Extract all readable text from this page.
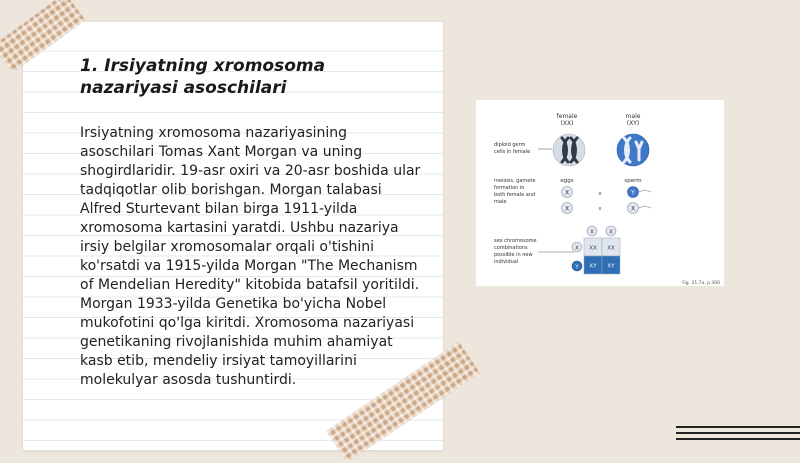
1. Irsiyatning xromosoma nazariyasi asoschilari

Irsiyatning xromosoma nazariyasining asoschilari Tomas Xant Morgan va uning shogirdlaridir. 19-asr oxiri va 20-asr boshida ular tadqiqotlar olib borishgan. Morgan talabasi Alfred Sturtevant bilan birga 1911-yilda xromosoma kartasini yaratdi. Ushbu nazariya irsiy belgilar xromosomalar orqali o'tishini ko'rsatdi va 1915-yilda Morgan "The Mechanism of Mendelian Heredity" kitobida batafsil yoritildi. Morgan 1933-yilda Genetika bo'yicha Nobel mukofotini qo'lga kiritdi. Xromosoma nazariyasi genetikaning rivojlanishida muhim ahamiyat kasb etib, mendeliy irsiyat tamoyillarini molekulyar asosda tushuntirdi.

female
(XX)
male
(XY)
diploid germ
cells in female
meiosis, gamete
formation in
both female and
male
eggs	sperm
X	x	Y
X	x	X
sex chromosome
combinations
possible in new
individual
X	X
X
Y
XX XX
XY XY
Fig. 21.7a, p.360
